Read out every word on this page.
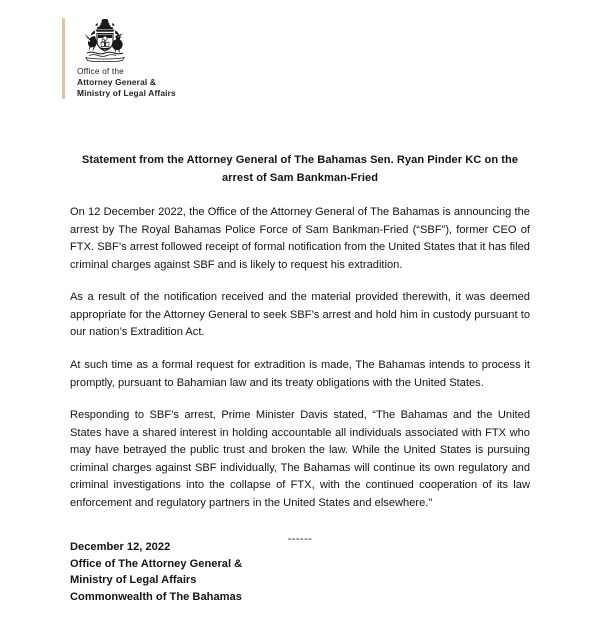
Office of the
Attorney General &
Ministry of Legal Affairs
Statement from the Attorney General of The Bahamas Sen. Ryan Pinder KC on the arrest of Sam Bankman-Fried

On 12 December 2022, the Office of the Attorney General of The Bahamas is announcing the arrest by The Royal Bahamas Police Force of Sam Bankman-Fried (“SBF”), former CEO of FTX. SBF’s arrest followed receipt of formal notification from the United States that it has filed criminal charges against SBF and is likely to request his extradition.

As a result of the notification received and the material provided therewith, it was deemed appropriate for the Attorney General to seek SBF’s arrest and hold him in custody pursuant to our nation’s Extradition Act.

At such time as a formal request for extradition is made, The Bahamas intends to process it promptly, pursuant to Bahamian law and its treaty obligations with the United States.

Responding to SBF’s arrest, Prime Minister Davis stated, “The Bahamas and the United States have a shared interest in holding accountable all individuals associated with FTX who may have betrayed the public trust and broken the law. While the United States is pursuing criminal charges against SBF individually, The Bahamas will continue its own regulatory and criminal investigations into the collapse of FTX, with the continued cooperation of its law enforcement and regulatory partners in the United States and elsewhere."

------
December 12, 2022
Office of The Attorney General &
Ministry of Legal Affairs
Commonwealth of The Bahamas
